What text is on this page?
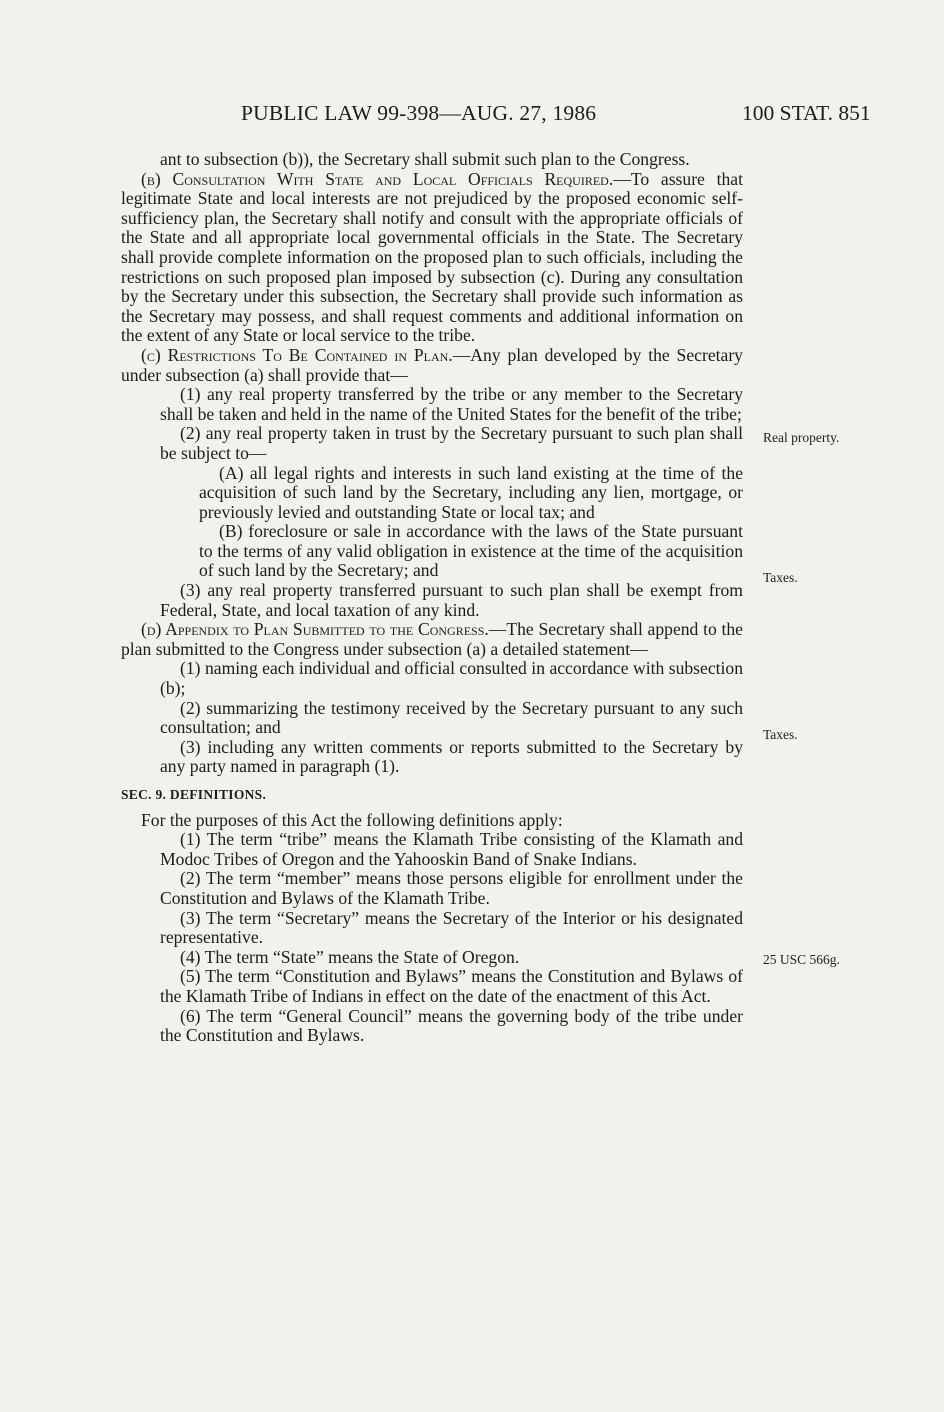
PUBLIC LAW 99-398—AUG. 27, 1986	100 STAT. 851

ant to subsection (b)), the Secretary shall submit such plan to the Congress.

(b) Consultation With State and Local Officials Required.—To assure that legitimate State and local interests are not prejudiced by the proposed economic self-sufficiency plan, the Secretary shall notify and consult with the appropriate officials of the State and all appropriate local governmental officials in the State. The Secretary shall provide complete information on the proposed plan to such officials, including the restrictions on such proposed plan imposed by subsection (c). During any consultation by the Secretary under this subsection, the Secretary shall provide such information as the Secretary may possess, and shall request comments and additional information on the extent of any State or local service to the tribe.

(c) Restrictions To Be Contained in Plan.—Any plan developed by the Secretary under subsection (a) shall provide that—

(1) any real property transferred by the tribe or any member to the Secretary shall be taken and held in the name of the United States for the benefit of the tribe;

(2) any real property taken in trust by the Secretary pursuant to such plan shall be subject to—

(A) all legal rights and interests in such land existing at the time of the acquisition of such land by the Secretary, including any lien, mortgage, or previously levied and outstanding State or local tax; and

(B) foreclosure or sale in accordance with the laws of the State pursuant to the terms of any valid obligation in existence at the time of the acquisition of such land by the Secretary; and

(3) any real property transferred pursuant to such plan shall be exempt from Federal, State, and local taxation of any kind.

(d) Appendix to Plan Submitted to the Congress.—The Secretary shall append to the plan submitted to the Congress under subsection (a) a detailed statement—

(1) naming each individual and official consulted in accordance with subsection (b);

(2) summarizing the testimony received by the Secretary pursuant to any such consultation; and

(3) including any written comments or reports submitted to the Secretary by any party named in paragraph (1).

SEC. 9. DEFINITIONS.

For the purposes of this Act the following definitions apply:

(1) The term “tribe” means the Klamath Tribe consisting of the Klamath and Modoc Tribes of Oregon and the Yahooskin Band of Snake Indians.

(2) The term “member” means those persons eligible for enrollment under the Constitution and Bylaws of the Klamath Tribe.

(3) The term “Secretary” means the Secretary of the Interior or his designated representative.

(4) The term “State” means the State of Oregon.

(5) The term “Constitution and Bylaws” means the Constitution and Bylaws of the Klamath Tribe of Indians in effect on the date of the enactment of this Act.

(6) The term “General Council” means the governing body of the tribe under the Constitution and Bylaws.

Real property.
Taxes.
Taxes.
25 USC 566g.
